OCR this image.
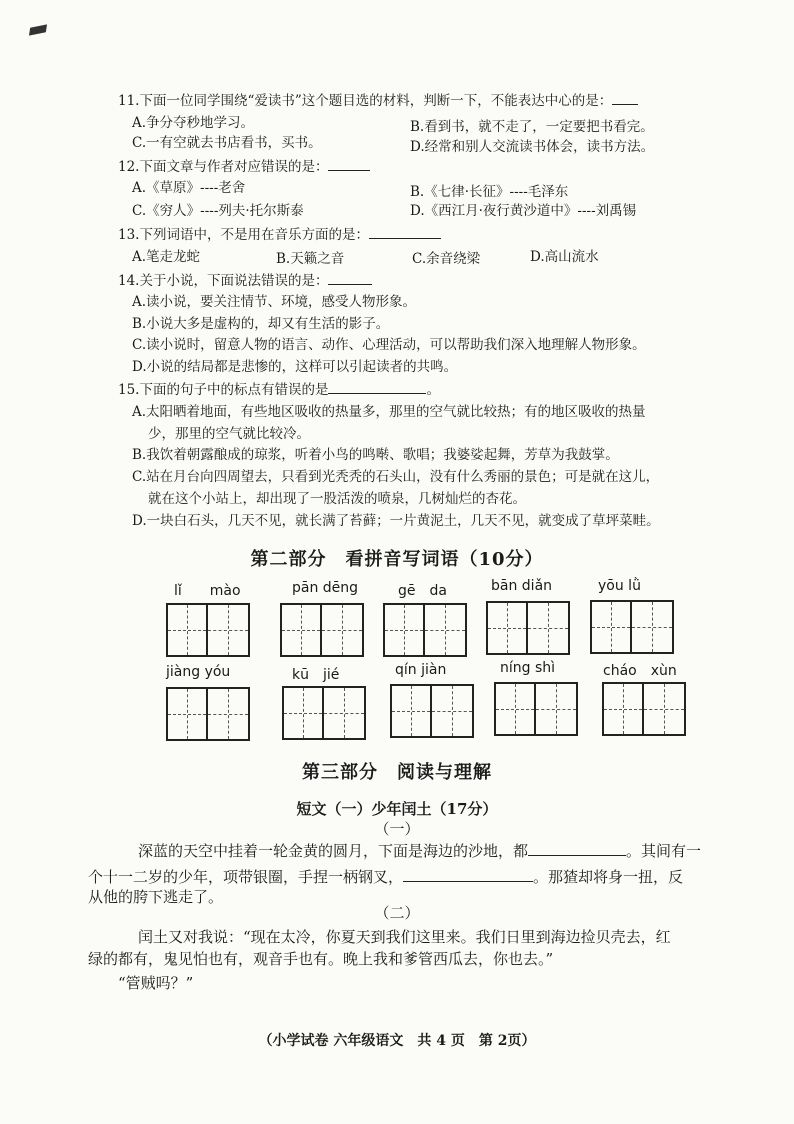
11.下面一位同学围绕“爱读书”这个题目选的材料，判断一下，不能表达中心的是：
A.争分夺秒地学习。	B.看到书，就不走了，一定要把书看完。
C.一有空就去书店看书，买书。	D.经常和别人交流读书体会，读书方法。
12.下面文章与作者对应错误的是：
A.《草原》----老舍	B.《七律·长征》----毛泽东
C.《穷人》----列夫·托尔斯泰	D.《西江月·夜行黄沙道中》----刘禹锡
13.下列词语中，不是用在音乐方面的是：
A.笔走龙蛇	B.天籁之音	C.余音绕梁	D.高山流水
14.关于小说，下面说法错误的是：
A.读小说，要关注情节、环境，感受人物形象。
B.小说大多是虚构的，却又有生活的影子。
C.读小说时，留意人物的语言、动作、心理活动，可以帮助我们深入地理解人物形象。
D.小说的结局都是悲惨的，这样可以引起读者的共鸣。
15.下面的句子中的标点有错误的是	。
A.太阳晒着地面，有些地区吸收的热量多，那里的空气就比较热；有的地区吸收的热量
少，那里的空气就比较冷。
B.我饮着朝露酿成的琼浆，听着小鸟的鸣啭、歌唱；我婆娑起舞，芳草为我鼓掌。
C.站在月台向四周望去，只看到光秃秃的石头山，没有什么秀丽的景色；可是就在这儿，
就在这个小站上，却出现了一股活泼的喷泉，几树灿烂的杏花。
D.一块白石头，几天不见，就长满了苔藓；一片黄泥土，几天不见，就变成了草坪菜畦。
第二部分　看拼音写词语（10分）
lǐ　　mào	pān dēng	gē　da	bān diǎn	yōu lǜ
jiàng yóu	kū　jié	qín jiàn	níng shì	cháo　xùn
第三部分　阅读与理解
短文（一）少年闰土（17分）
（一）
深蓝的天空中挂着一轮金黄的圆月，下面是海边的沙地，都	。其间有一
个十一二岁的少年，项带银圈，手捏一柄钢叉，	。那猹却将身一扭，反
从他的胯下逃走了。
（二）
闰土又对我说：“现在太冷，你夏天到我们这里来。我们日里到海边捡贝壳去，红
绿的都有，鬼见怕也有，观音手也有。晚上我和爹管西瓜去，你也去。”
“管贼吗？”
（小学试卷 六年级语文　共 4 页　第 2页）
